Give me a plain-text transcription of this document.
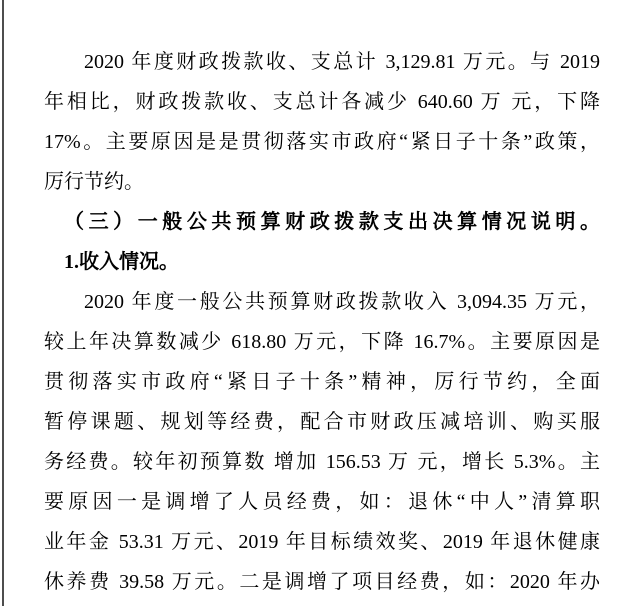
2020 年度财政拨款收、支总计 3,129.81 万元。与 2019
年相比，财政拨款收、支总计各减少 640.60 万 元，下降
17%。主要原因是是贯彻落实市政府“紧日子十条”政策，
厉行节约。
（三）一般公共预算财政拨款支出决算情况说明。
1.收入情况。
2020 年度一般公共预算财政拨款收入 3,094.35 万元，
较上年决算数减少 618.80 万元，下降 16.7%。主要原因是
贯彻落实市政府“紧日子十条”精神，厉行节约，全面
暂停课题、规划等经费，配合市财政压减培训、购买服
务经费。较年初预算数 增加 156.53 万 元，增长 5.3%。主
要原因一是调增了人员经费，如：退休“中人”清算职
业年金 53.31 万元、2019 年目标绩效奖、2019 年退休健康
休养费 39.58 万元。二是调增了项目经费，如：2020 年办
